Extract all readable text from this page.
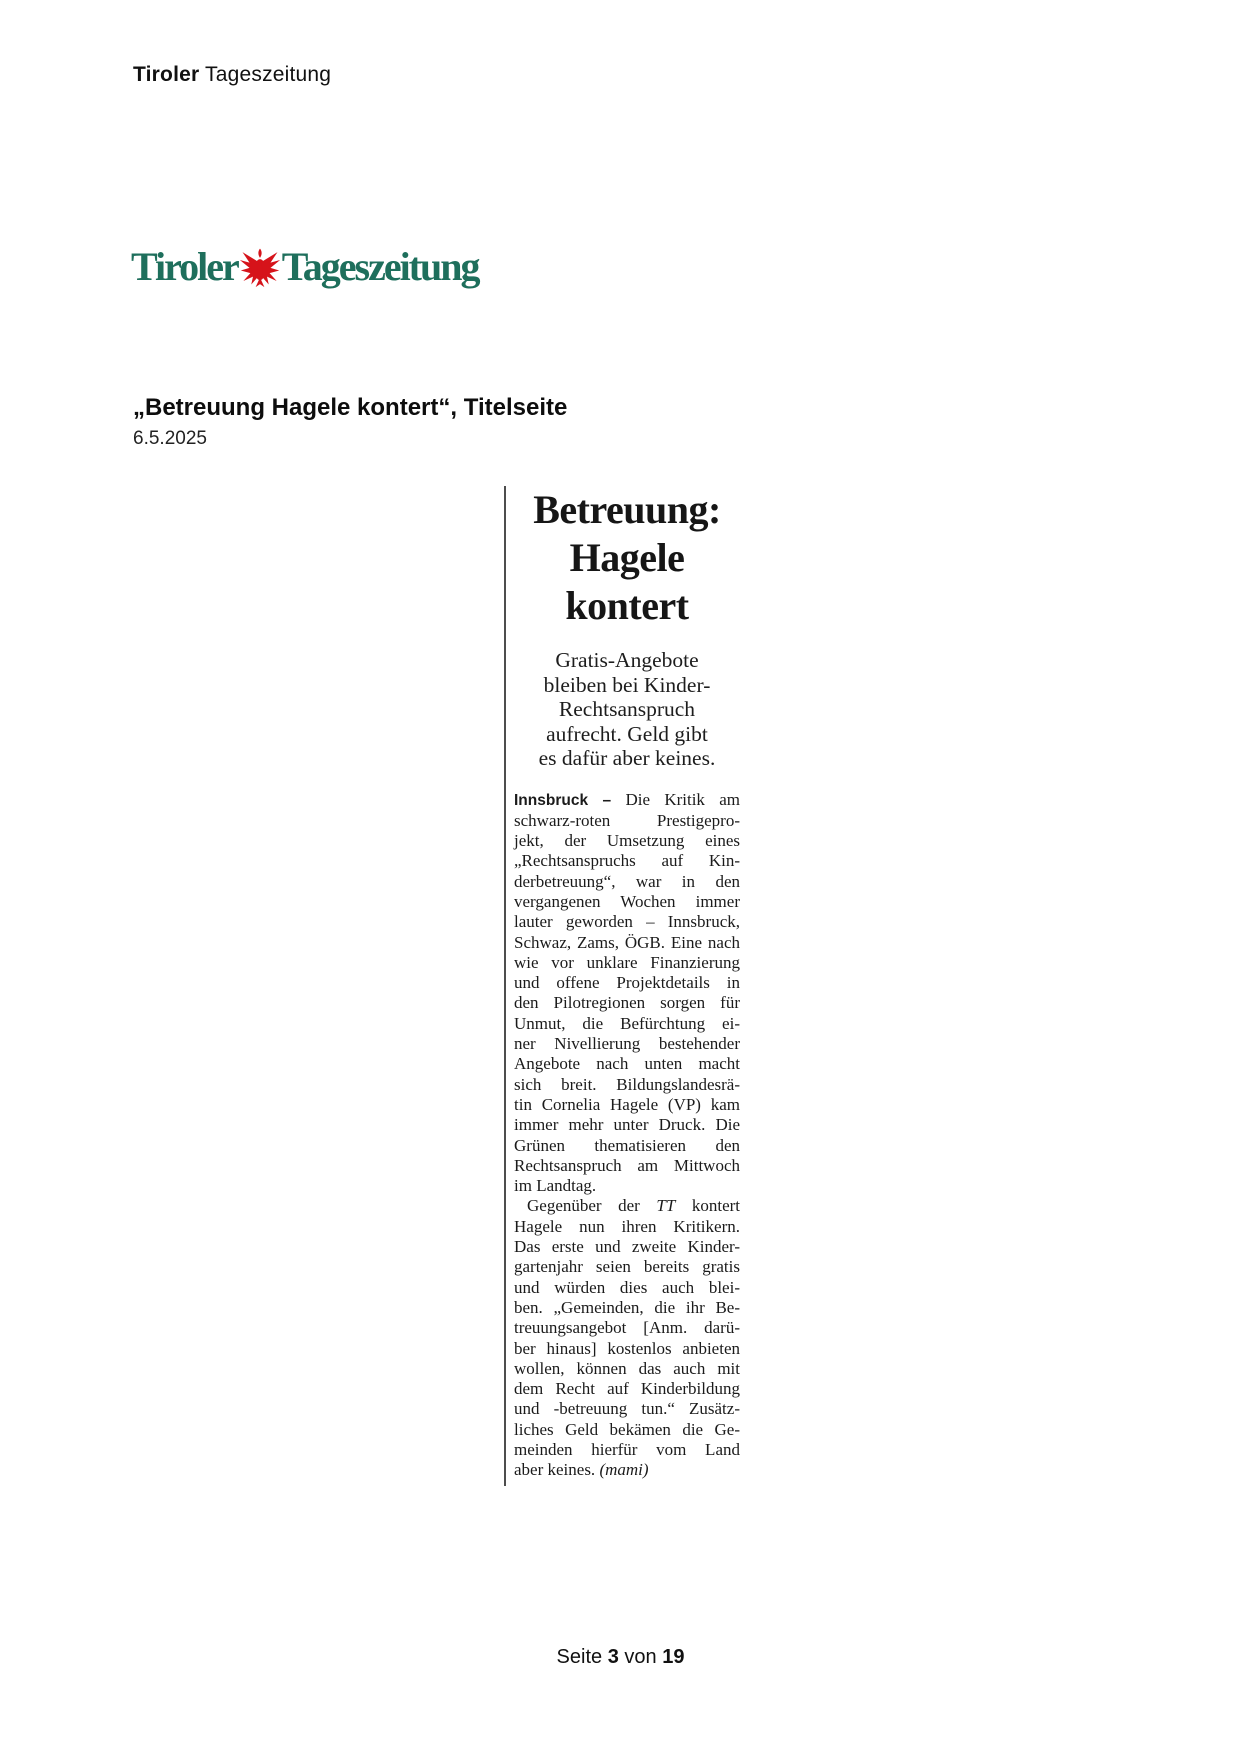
Tiroler Tageszeitung
Tiroler Tageszeitung
„Betreuung Hagele kontert“, Titelseite
6.5.2025
Betreuung:
Hagele
kontert
Gratis-Angebote
bleiben bei Kinder-
Rechtsanspruch
aufrecht. Geld gibt
es dafür aber keines.
Innsbruck – Die Kritik am
schwarz-roten Prestigepro-
jekt, der Umsetzung eines
„Rechtsanspruchs auf Kin-
derbetreuung“, war in den
vergangenen Wochen immer
lauter geworden – Innsbruck,
Schwaz, Zams, ÖGB. Eine nach
wie vor unklare Finanzierung
und offene Projektdetails in
den Pilotregionen sorgen für
Unmut, die Befürchtung ei-
ner Nivellierung bestehender
Angebote nach unten macht
sich breit. Bildungslandesrä-
tin Cornelia Hagele (VP) kam
immer mehr unter Druck. Die
Grünen thematisieren den
Rechtsanspruch am Mittwoch
im Landtag.
Gegenüber der TT kontert
Hagele nun ihren Kritikern.
Das erste und zweite Kinder-
gartenjahr seien bereits gratis
und würden dies auch blei-
ben. „Gemeinden, die ihr Be-
treuungsangebot [Anm. darü-
ber hinaus] kostenlos anbieten
wollen, können das auch mit
dem Recht auf Kinderbildung
und -betreuung tun.“ Zusätz-
liches Geld bekämen die Ge-
meinden hierfür vom Land
aber keines. (mami)
Seite 3 von 19
